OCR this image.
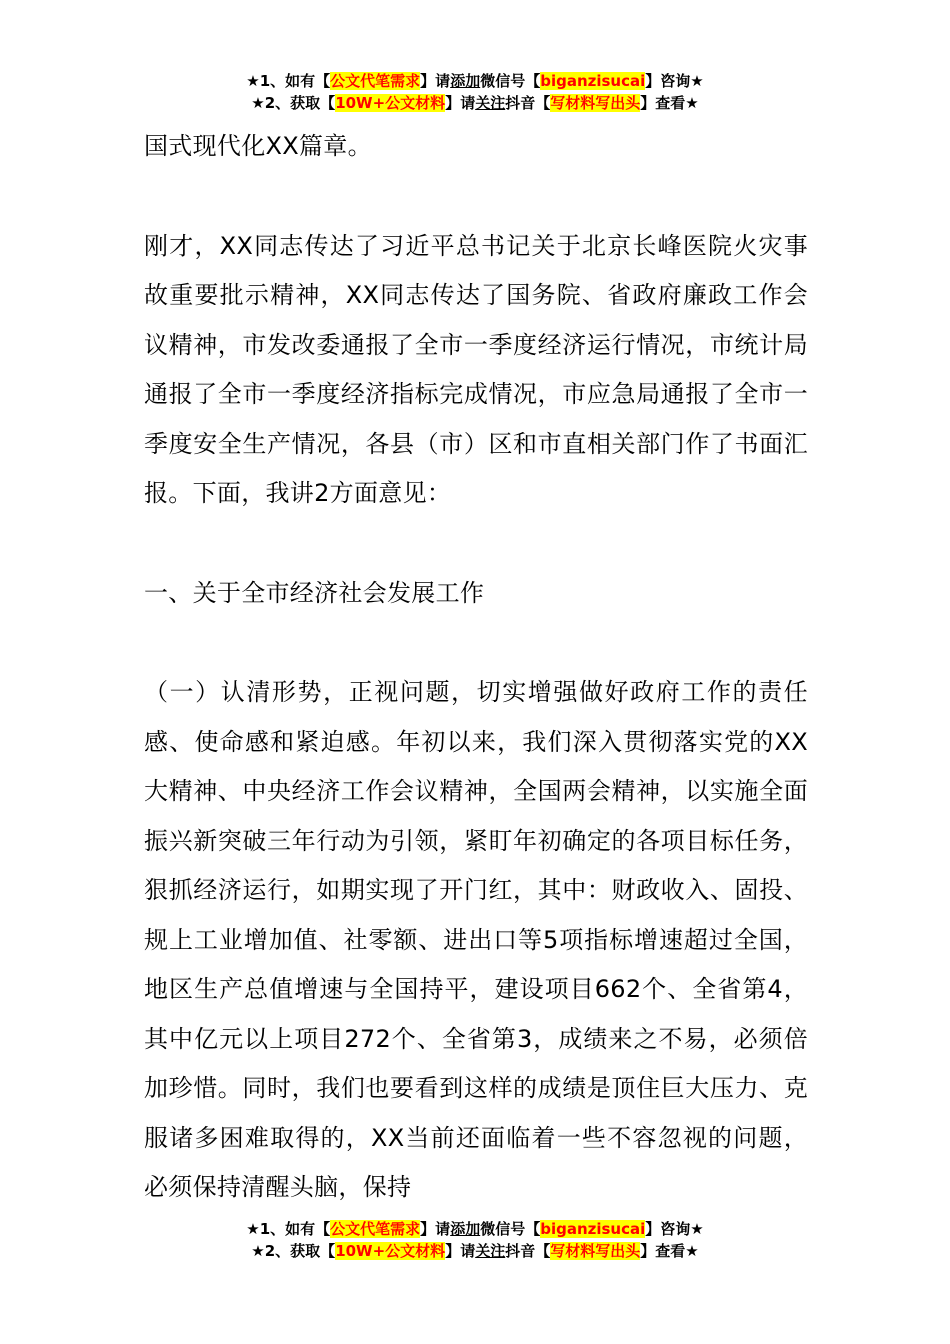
★1、如有【公文代笔需求】请添加微信号【biganzisucai】咨询★
★2、获取【10W+公文材料】请关注抖音【写材料写出头】查看★

国式现代化XX篇章。

刚才，XX同志传达了习近平总书记关于北京长峰医院火灾事故重要批示精神，XX同志传达了国务院、省政府廉政工作会议精神，市发改委通报了全市一季度经济运行情况，市统计局通报了全市一季度经济指标完成情况，市应急局通报了全市一季度安全生产情况，各县（市）区和市直相关部门作了书面汇报。下面，我讲2方面意见：

一、关于全市经济社会发展工作

（一）认清形势，正视问题，切实增强做好政府工作的责任感、使命感和紧迫感。年初以来，我们深入贯彻落实党的XX大精神、中央经济工作会议精神，全国两会精神，以实施全面振兴新突破三年行动为引领，紧盯年初确定的各项目标任务，狠抓经济运行，如期实现了开门红，其中：财政收入、固投、规上工业增加值、社零额、进出口等5项指标增速超过全国，地区生产总值增速与全国持平，建设项目662个、全省第4，其中亿元以上项目272个、全省第3，成绩来之不易，必须倍加珍惜。同时，我们也要看到这样的成绩是顶住巨大压力、克服诸多困难取得的，XX当前还面临着一些不容忽视的问题，必须保持清醒头脑，保持

★1、如有【公文代笔需求】请添加微信号【biganzisucai】咨询★
★2、获取【10W+公文材料】请关注抖音【写材料写出头】查看★
